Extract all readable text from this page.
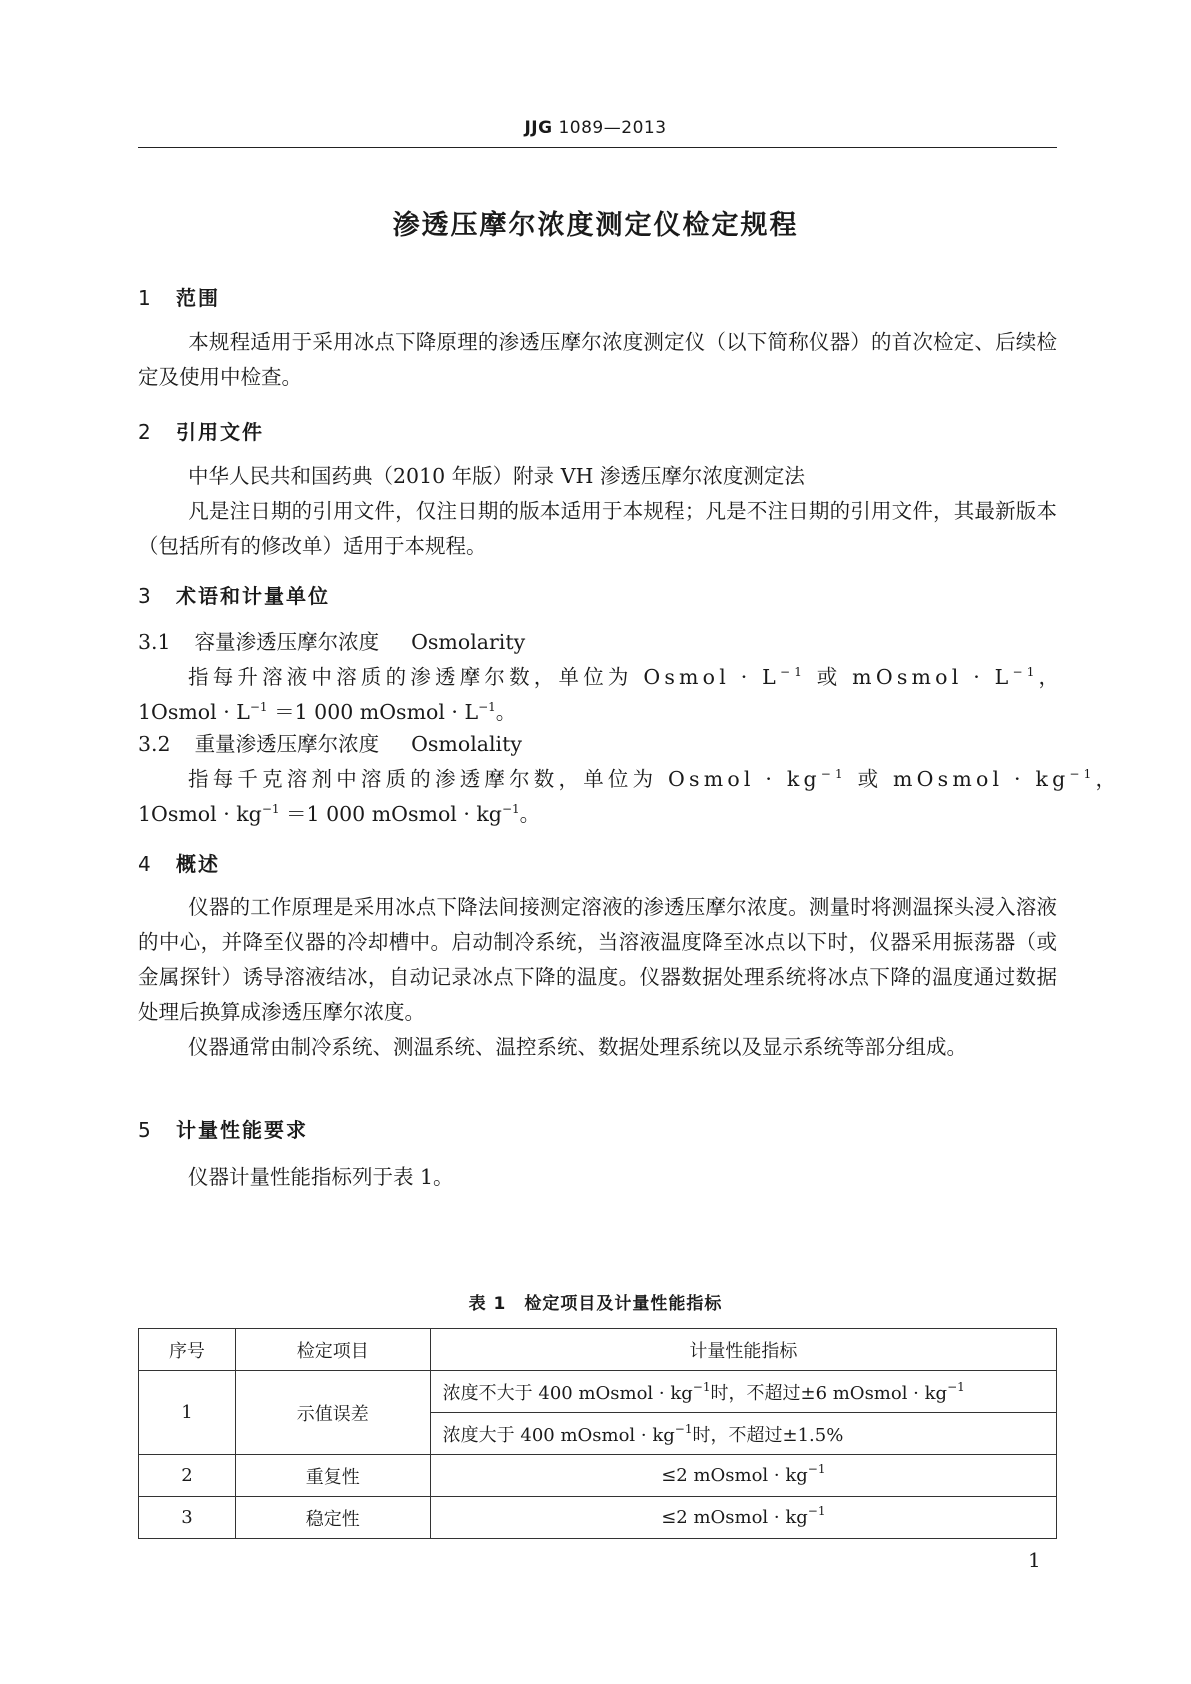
JJG 1089—2013
渗透压摩尔浓度测定仪检定规程
1 范围
本规程适用于采用冰点下降原理的渗透压摩尔浓度测定仪（以下简称仪器）的首次检定、后续检定及使用中检查。
2 引用文件
中华人民共和国药典（2010 年版）附录 VH 渗透压摩尔浓度测定法
凡是注日期的引用文件，仅注日期的版本适用于本规程；凡是不注日期的引用文件，其最新版本（包括所有的修改单）适用于本规程。
3 术语和计量单位
3.1 容量渗透压摩尔浓度 Osmolarity
指每升溶液中溶质的渗透摩尔数，单位为 Osmol · $L^{-1}$ 或 mOsmol · $L^{-1}$，
1Osmol · $L^{-1} =1$ 000 mOsmol · $L^{-1}$。
3.2 重量渗透压摩尔浓度 Osmolality
指每千克溶剂中溶质的渗透摩尔数，单位为 Osmol · $kg^{-1}$ 或 mOsmol · $kg^{-1}$，
1Osmol · $kg^{-1} =1$ 000 mOsmol · $kg^{-1}$。
4 概述
仪器的工作原理是采用冰点下降法间接测定溶液的渗透压摩尔浓度。测量时将测温探头浸入溶液的中心，并降至仪器的冷却槽中。启动制冷系统，当溶液温度降至冰点以下时，仪器采用振荡器（或金属探针）诱导溶液结冰，自动记录冰点下降的温度。仪器数据处理系统将冰点下降的温度通过数据处理后换算成渗透压摩尔浓度。
仪器通常由制冷系统、测温系统、温控系统、数据处理系统以及显示系统等部分组成。
5 计量性能要求
仪器计量性能指标列于表 1。
表 1　检定项目及计量性能指标
序号	检定项目	计量性能指标
1	示值误差	浓度不大于 400 mOsmol · $kg^{-1}$时，不超过±6 mOsmol · $kg^{-1}$
		浓度大于 400 mOsmol · $kg^{-1}$时，不超过±1.5%
2	重复性	≤2 mOsmol · $kg^{-1}$
3	稳定性	≤2 mOsmol · $kg^{-1}$
1
